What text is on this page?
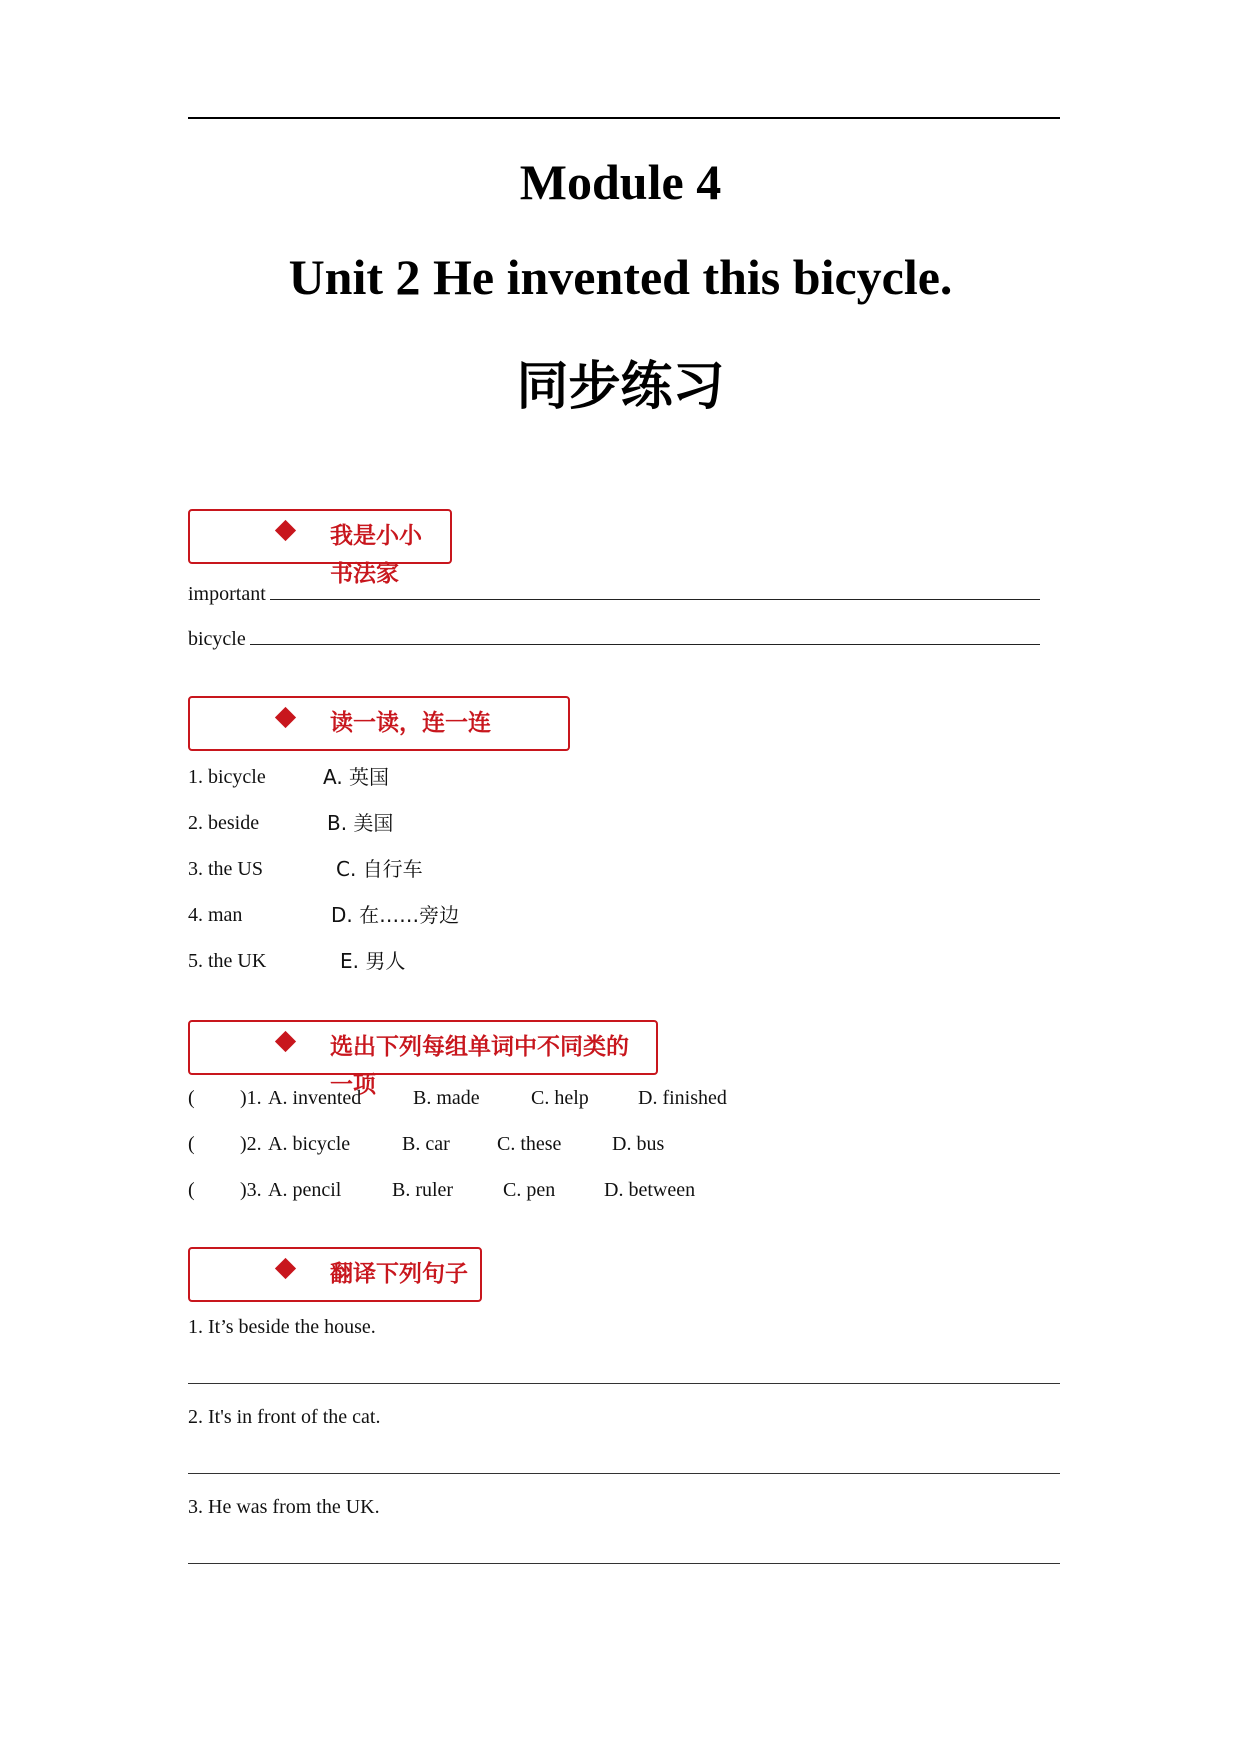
Module 4
Unit 2 He invented this bicycle.
同步练习
我是小小书法家
important
bicycle
读一读，连一连
1. bicycle	A. 英国
2. beside	B. 美国
3. the US	C. 自行车
4. man	D. 在……旁边
5. the UK	E. 男人
选出下列每组单词中不同类的一项
( )1. A. invented	B. made	C. help D. finished
( )2. A. bicycle	B. car C. these	D. bus
( )3. A. pencil	B. ruler C. pen D. between
翻译下列句子
1. It’s beside the house.
2. It's in front of the cat.
3. He was from the UK.
